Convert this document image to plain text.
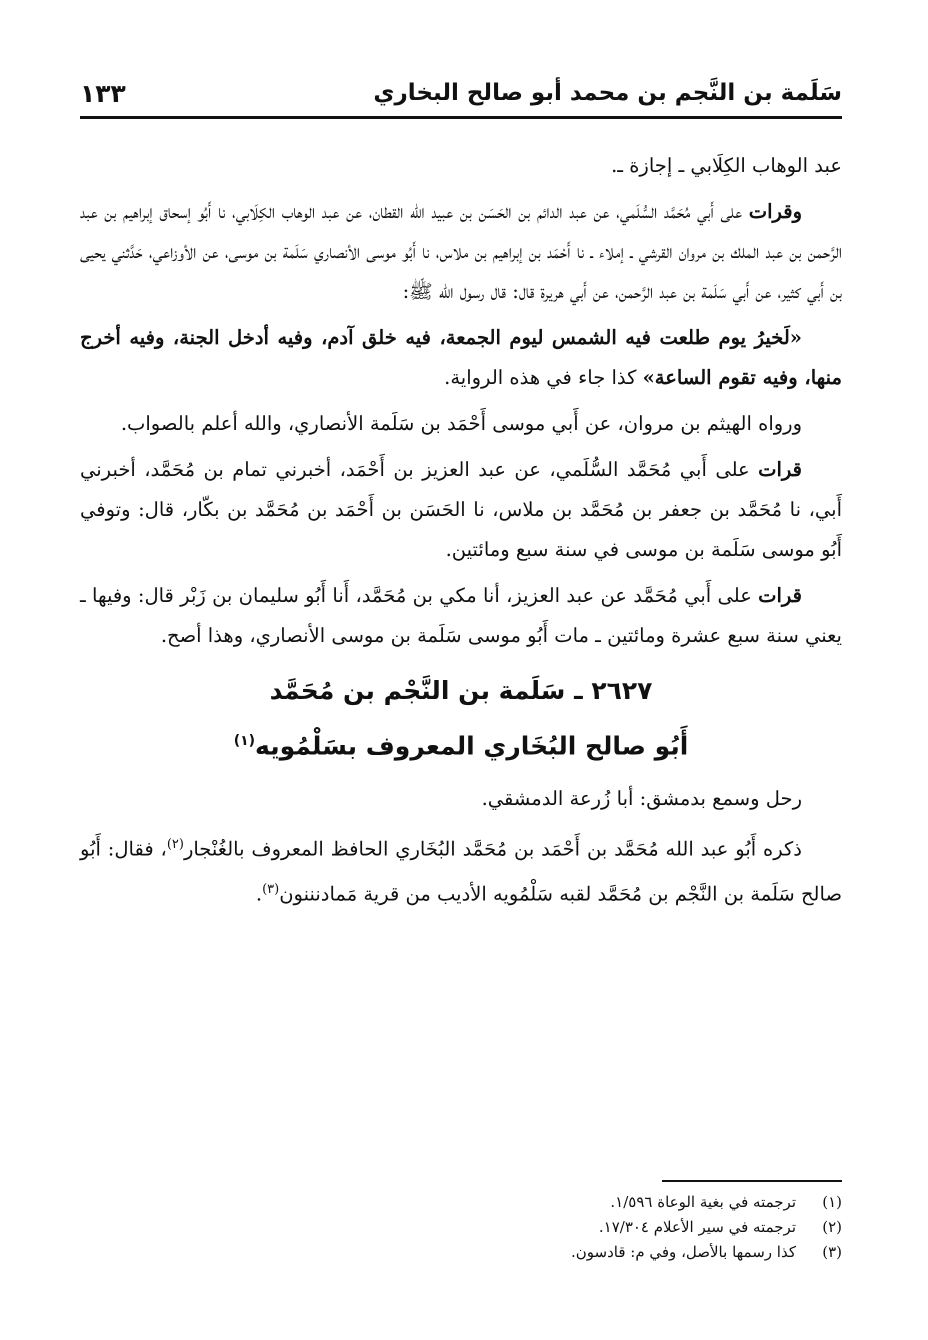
سَلَمة بن النَّجم بن محمد أبو صالح البخاري
١٣٣

عبد الوهاب الكِلَابي ـ إجازة ـ.

وقرات على أَبي مُحَمَّد السُّلَمي، عن عبد الدائم بن الحَسَن بن عبيد الله القطان، عن عبد الوهاب الكِلَابي، نا أَبُو إسحاق إبراهيم بن عبد الرَّحمن بن عبد الملك بن مروان القرشي ـ إملاء ـ نا أَحْمَد بن إبراهيم بن ملاس، نا أَبُو موسى الأنصاري سَلَمة بن موسى، عن الأوزاعي، حَدَّثني يحيى بن أَبي كثير، عن أَبي سَلَمة بن عبد الرَّحمن، عن أَبي هريرة قال: قال رسول الله ﷺ:

«لَخيرُ يوم طلعت فيه الشمس ليوم الجمعة، فيه خلق آدم، وفيه أدخل الجنة، وفيه أخرج منها، وفيه تقوم الساعة» كذا جاء في هذه الرواية.

ورواه الهيثم بن مروان، عن أَبي موسى أَحْمَد بن سَلَمة الأنصاري، والله أعلم بالصواب.

قرات على أَبي مُحَمَّد السُّلَمي، عن عبد العزيز بن أَحْمَد، أخبرني تمام بن مُحَمَّد، أخبرني أَبي، نا مُحَمَّد بن جعفر بن مُحَمَّد بن ملاس، نا الحَسَن بن أَحْمَد بن مُحَمَّد بن بكّار، قال: وتوفي أَبُو موسى سَلَمة بن موسى في سنة سبع ومائتين.

قرات على أَبي مُحَمَّد عن عبد العزيز، أنا مكي بن مُحَمَّد، أَنا أَبُو سليمان بن زَبْر قال: وفيها ـ يعني سنة سبع عشرة ومائتين ـ مات أَبُو موسى سَلَمة بن موسى الأنصاري، وهذا أصح.

٢٦٢٧ ـ سَلَمة بن النَّجْم بن مُحَمَّد
أَبُو صالح البُخَاري المعروف بسَلْمُويه$^{(١)}$

رحل وسمع بدمشق: أبا زُرعة الدمشقي.

ذكره أَبُو عبد الله مُحَمَّد بن أَحْمَد بن مُحَمَّد البُخَاري الحافظ المعروف بالغُنْجار$^{(٢)}$، فقال: أَبُو صالح سَلَمة بن النَّجْم بن مُحَمَّد لقبه سَلْمُويه الأديب من قرية مَمادنننون$^{(٣)}$.

(١)
ترجمته في بغية الوعاة ١/٥٩٦.
(٢)
ترجمته في سير الأعلام ١٧/٣٠٤.
(٣)
كذا رسمها بالأصل، وفي م: قادسون.
